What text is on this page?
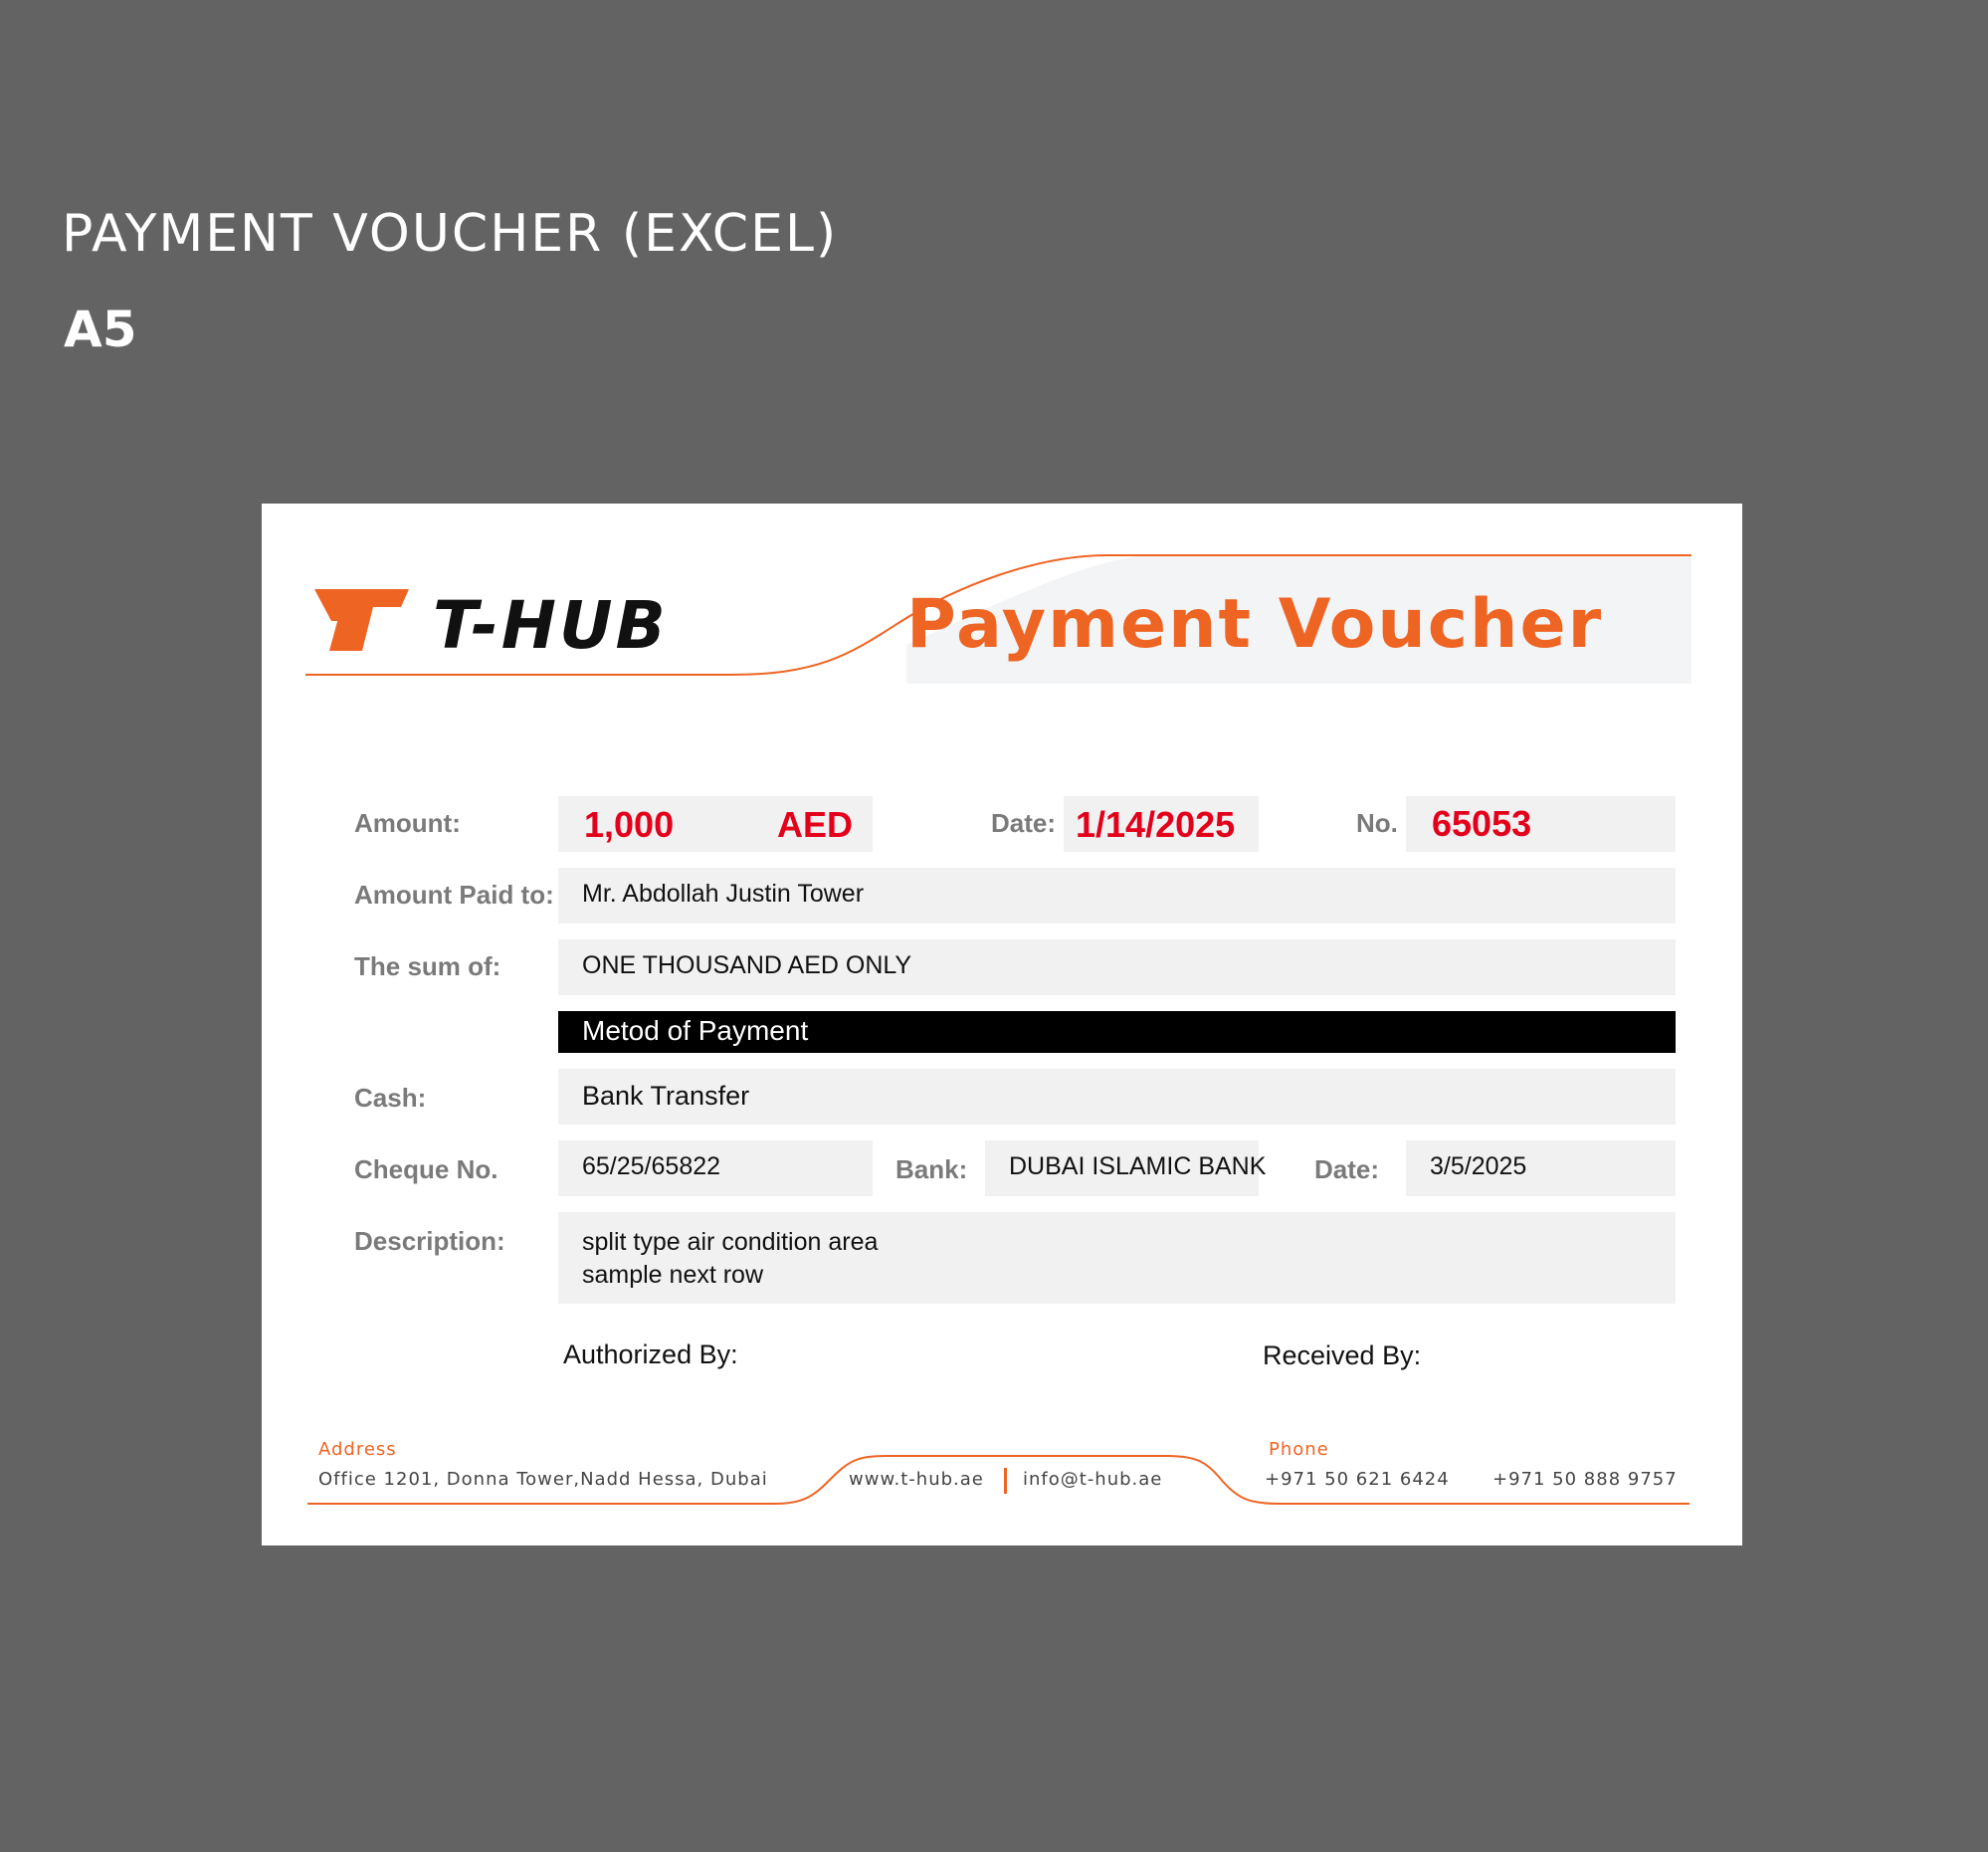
PAYMENT VOUCHER (EXCEL)
A5
T-HUB	Payment Voucher
Amount:	1,000	AED	Date: 1/14/2025	No. 65053
Amount Paid to:	Mr. Abdollah Justin Tower
The sum of:	ONE THOUSAND AED ONLY
Metod of Payment
Cash:	Bank Transfer
Cheque No.	65/25/65822	Bank:	DUBAI ISLAMIC BANK Date:	3/5/2025
Description:	split type air condition area
sample next row
Authorized By:	Received By:
Address
Office 1201, Donna Tower,Nadd Hessa, Dubai	www.t-hub.ae info@t-hub.ae
Phone
+971 50 621 6424 +971 50 888 9757
